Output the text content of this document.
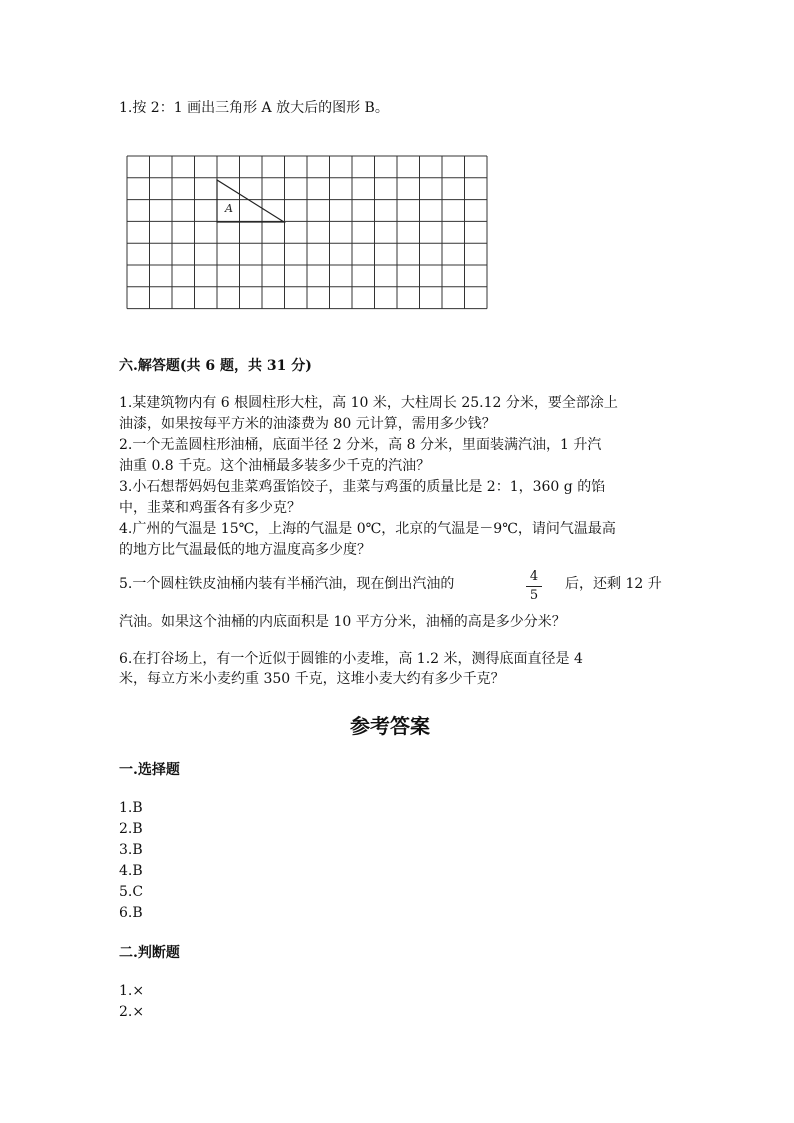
1.按 2：1 画出三角形 A 放大后的图形 B。
A
六.解答题(共 6 题，共 31 分)
1.某建筑物内有 6 根圆柱形大柱，高 10 米，大柱周长 25.12 分米，要全部涂上
油漆，如果按每平方米的油漆费为 80 元计算，需用多少钱？
2.一个无盖圆柱形油桶，底面半径 2 分米，高 8 分米，里面装满汽油，1 升汽
油重 0.8 千克。这个油桶最多装多少千克的汽油？
3.小石想帮妈妈包韭菜鸡蛋馅饺子，韭菜与鸡蛋的质量比是 2：1，360 g 的馅
中，韭菜和鸡蛋各有多少克？
4.广州的气温是 15℃，上海的气温是 0℃，北京的气温是－9℃，请问气温最高
的地方比气温最低的地方温度高多少度？
5.一个圆柱铁皮油桶内装有半桶汽油，现在倒出汽油的	4
5
后，还剩 12 升
汽油。如果这个油桶的内底面积是 10 平方分米，油桶的高是多少分米？
6.在打谷场上，有一个近似于圆锥的小麦堆，高 1.2 米，测得底面直径是 4
米，每立方米小麦约重 350 千克，这堆小麦大约有多少千克？
参考答案
一.选择题
1.B
2.B
3.B
4.B
5.C
6.B
二.判断题
1.×
2.×
